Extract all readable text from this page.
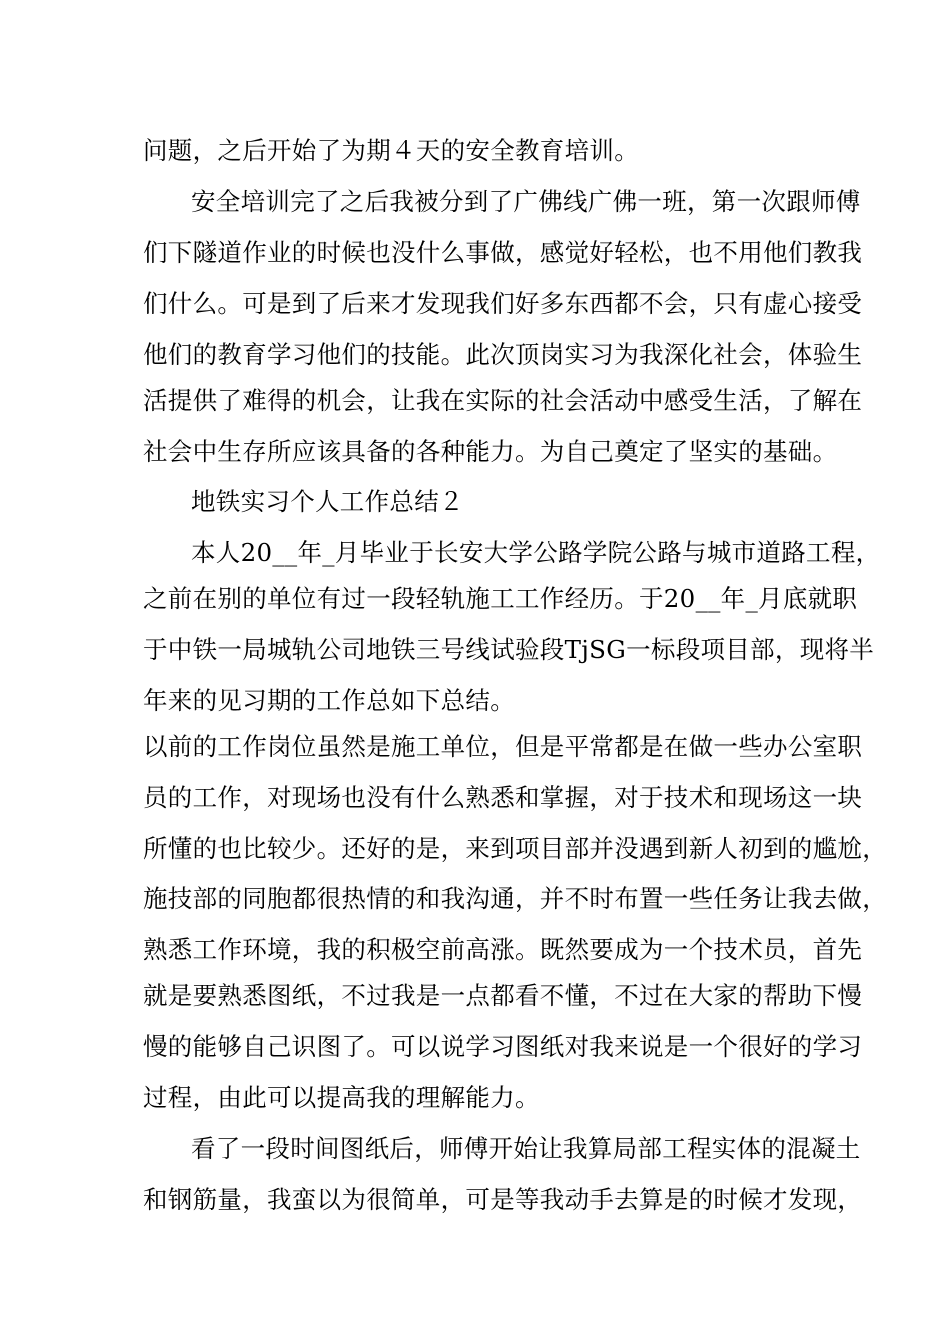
问题，之后开始了为期４天的安全教育培训。
安全培训完了之后我被分到了广佛线广佛一班，第一次跟师傅
们下隧道作业的时候也没什么事做，感觉好轻松，也不用他们教我
们什么。可是到了后来才发现我们好多东西都不会，只有虚心接受
他们的教育学习他们的技能。此次顶岗实习为我深化社会，体验生
活提供了难得的机会，让我在实际的社会活动中感受生活，了解在
社会中生存所应该具备的各种能力。为自己奠定了坚实的基础。
地铁实习个人工作总结２
本人20__年_月毕业于长安大学公路学院公路与城市道路工程，
之前在别的单位有过一段轻轨施工工作经历。于20__年_月底就职
于中铁一局城轨公司地铁三号线试验段TjSG一标段项目部，现将半
年来的见习期的工作总如下总结。
以前的工作岗位虽然是施工单位，但是平常都是在做一些办公室职
员的工作，对现场也没有什么熟悉和掌握，对于技术和现场这一块
所懂的也比较少。还好的是，来到项目部并没遇到新人初到的尴尬，
施技部的同胞都很热情的和我沟通，并不时布置一些任务让我去做，
熟悉工作环境，我的积极空前高涨。既然要成为一个技术员，首先
就是要熟悉图纸，不过我是一点都看不懂，不过在大家的帮助下慢
慢的能够自己识图了。可以说学习图纸对我来说是一个很好的学习
过程，由此可以提高我的理解能力。
看了一段时间图纸后，师傅开始让我算局部工程实体的混凝土
和钢筋量，我蛮以为很简单，可是等我动手去算是的时候才发现，
